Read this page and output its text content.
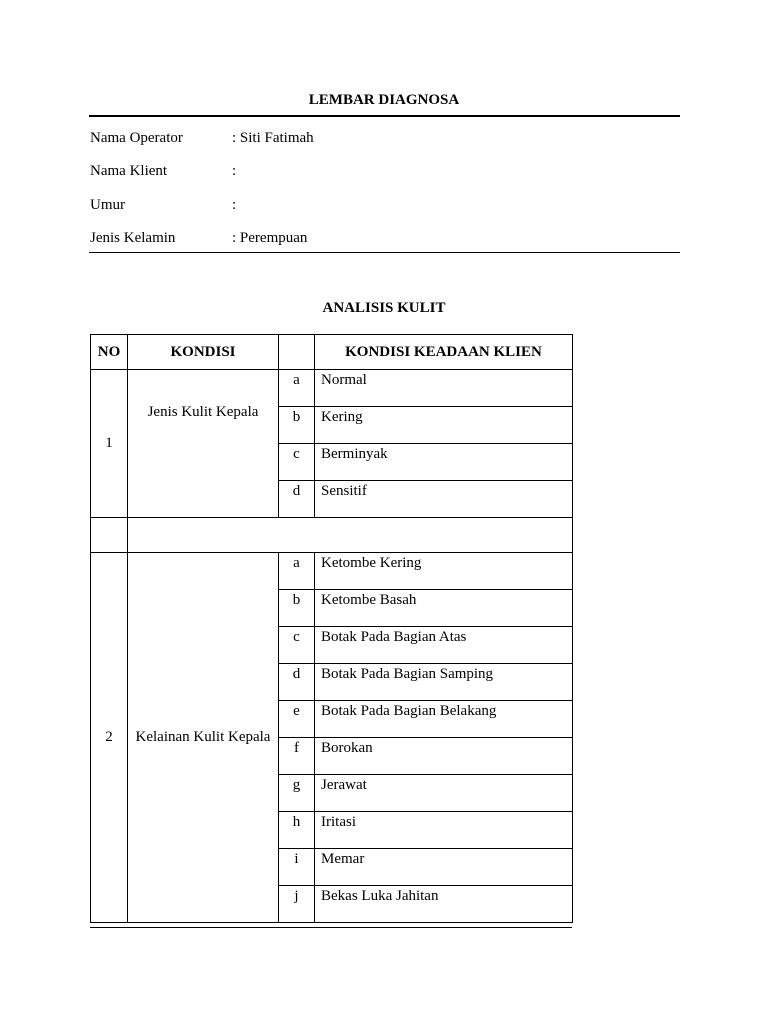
LEMBAR DIAGNOSA
Nama Operator	: Siti Fatimah
Nama Klient	:
Umur	:
Jenis Kelamin	: Perempuan
ANALISIS KULIT
NO	KONDISI		KONDISI KEADAAN KLIEN
1	Jenis Kulit Kepala	a	Normal
		b	Kering
		c	Berminyak
		d	Sensitif

2	Kelainan Kulit Kepala	a	Ketombe Kering
		b	Ketombe Basah
		c	Botak Pada Bagian Atas
		d	Botak Pada Bagian Samping
		e	Botak Pada Bagian Belakang
		f	Borokan
		g	Jerawat
		h	Iritasi
		i	Memar
		j	Bekas Luka Jahitan
